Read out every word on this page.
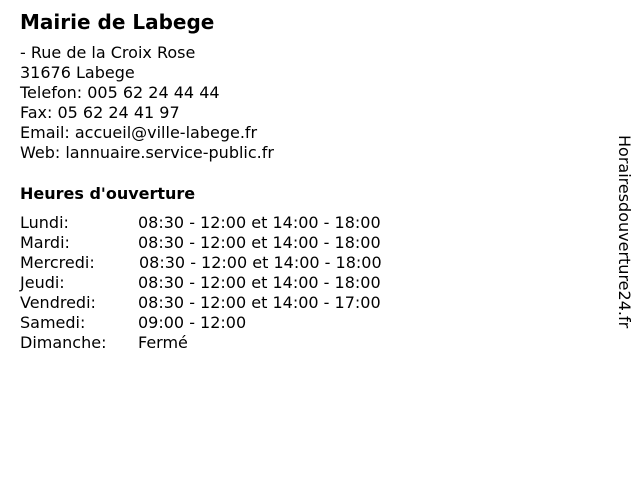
Mairie de Labege
- Rue de la Croix Rose
31676 Labege
Telefon: 005 62 24 44 44
Fax: 05 62 24 41 97
Email: accueil@ville-labege.fr
Web: lannuaire.service-public.fr
Heures d'ouverture
Lundi:	08:30 - 12:00 et 14:00 - 18:00
Mardi:	08:30 - 12:00 et 14:00 - 18:00
Mercredi:	08:30 - 12:00 et 14:00 - 18:00
Jeudi:	08:30 - 12:00 et 14:00 - 18:00
Vendredi:	08:30 - 12:00 et 14:00 - 17:00
Samedi:	09:00 - 12:00
Dimanche: Fermé
Horairesdouverture24.fr
